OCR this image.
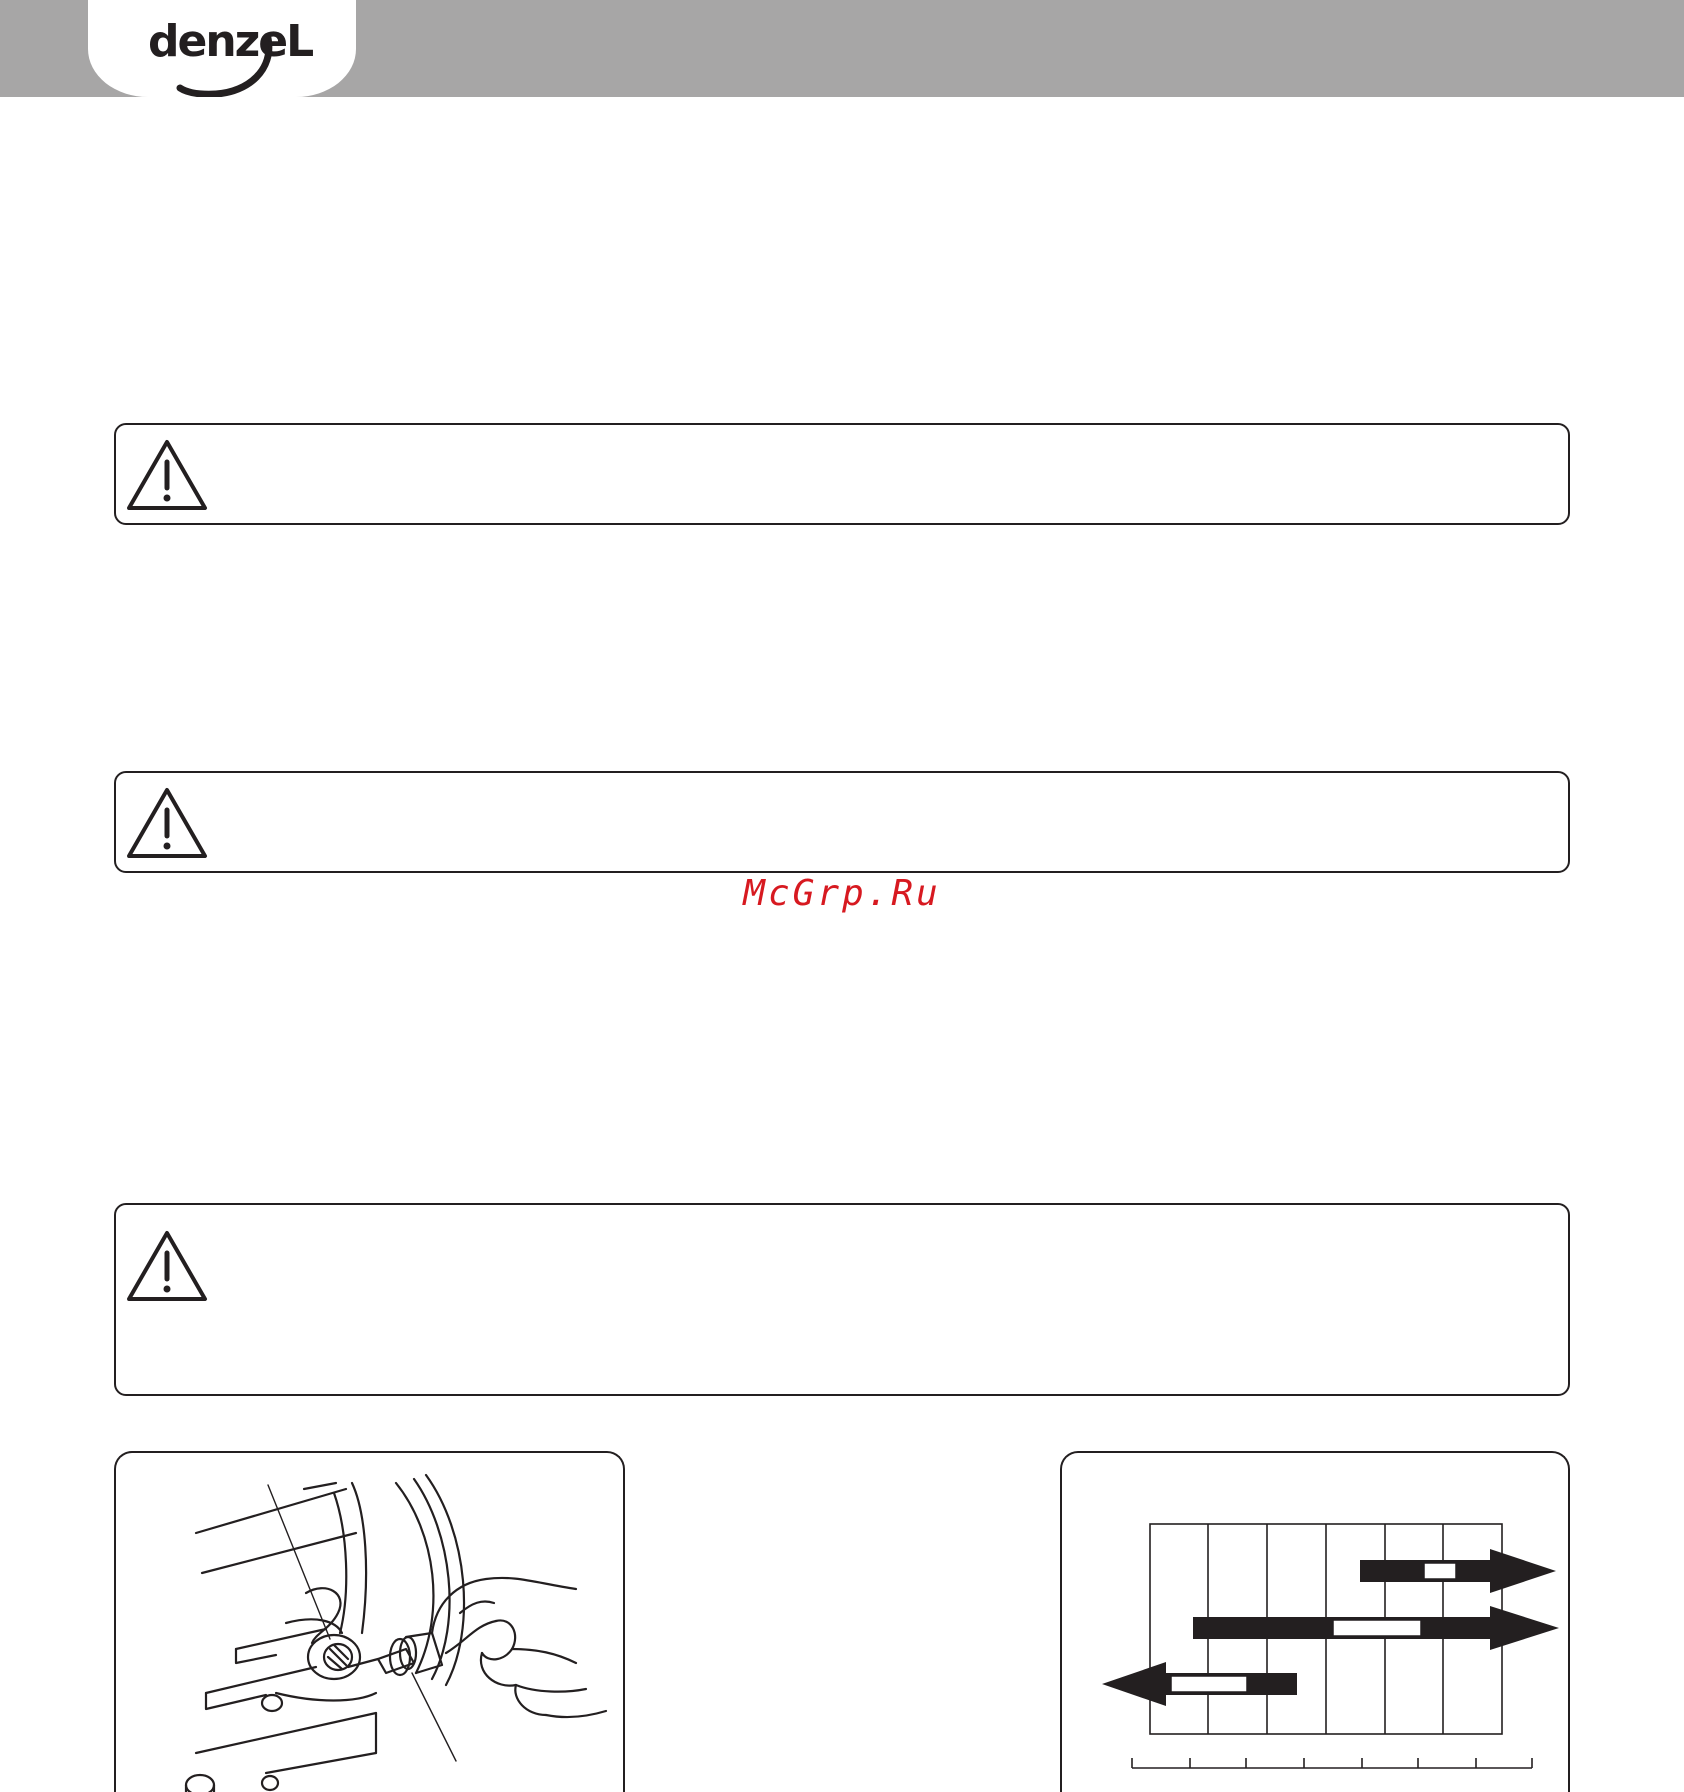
denzeL
McGrp.Ru
